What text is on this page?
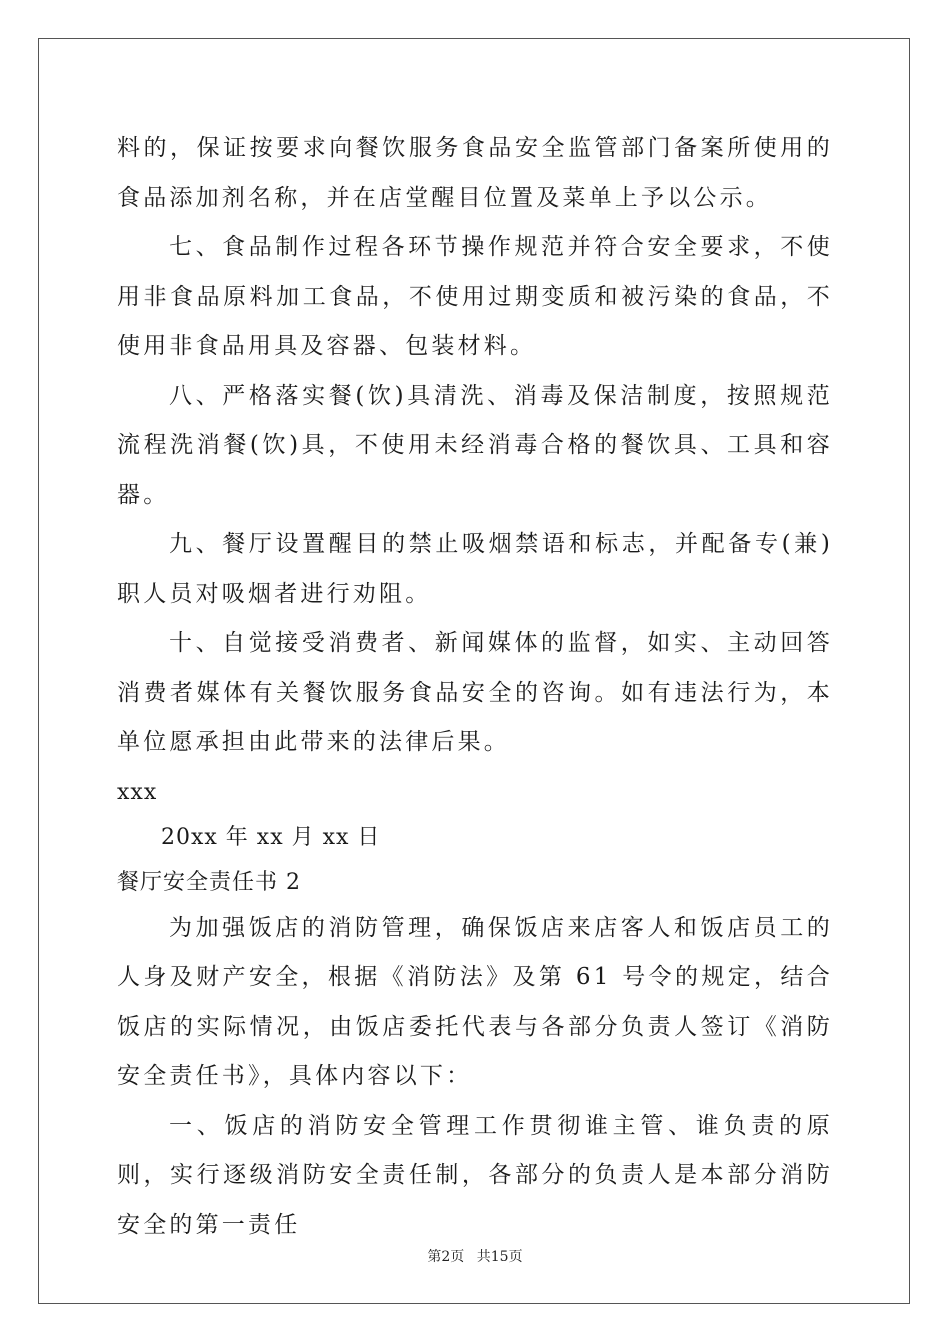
料的，保证按要求向餐饮服务食品安全监管部门备案所使用的食品添加剂名称，并在店堂醒目位置及菜单上予以公示。

七、食品制作过程各环节操作规范并符合安全要求，不使用非食品原料加工食品，不使用过期变质和被污染的食品，不使用非食品用具及容器、包装材料。

八、严格落实餐(饮)具清洗、消毒及保洁制度，按照规范流程洗消餐(饮)具，不使用未经消毒合格的餐饮具、工具和容器。

九、餐厅设置醒目的禁止吸烟禁语和标志，并配备专(兼)职人员对吸烟者进行劝阻。

十、自觉接受消费者、新闻媒体的监督，如实、主动回答消费者媒体有关餐饮服务食品安全的咨询。如有违法行为，本单位愿承担由此带来的法律后果。

xxx

20xx 年 xx 月 xx 日

餐厅安全责任书 2

为加强饭店的消防管理，确保饭店来店客人和饭店员工的人身及财产安全，根据《消防法》及第 61 号令的规定，结合饭店的实际情况，由饭店委托代表与各部分负责人签订《消防安全责任书》，具体内容以下：

一、饭店的消防安全管理工作贯彻谁主管、谁负责的原则，实行逐级消防安全责任制，各部分的负责人是本部分消防安全的第一责任

第2页 共15页
